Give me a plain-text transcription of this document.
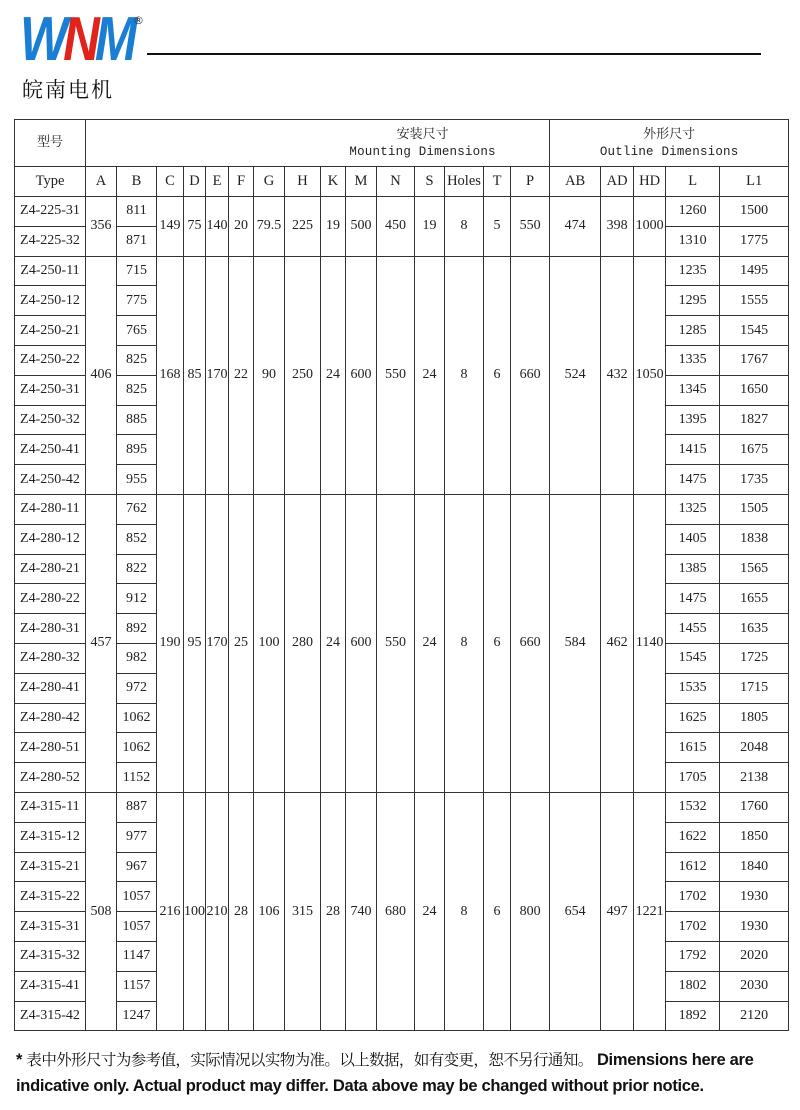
W N M ®
皖南电机
型号	安装尺寸
Mounting Dimensions															外形尺寸
Outline Dimensions				

Type	A	B	C	D	E	F	G	H	K	M	N	S	Holes	T	P	AB	AD	HD	L	L1
Z4-225-31	356	811	149	75	140	20	79.5	225	19	500	450	19	8	5	550	474	398	1000	1260	1500
Z4-225-32		871																	1310	1775
Z4-250-11	406	715	168	85	170	22	90	250	24	600	550	24	8	6	660	524	432	1050	1235	1495
Z4-250-12		775																	1295	1555
Z4-250-21		765																	1285	1545
Z4-250-22		825																	1335	1767
Z4-250-31		825																	1345	1650
Z4-250-32		885																	1395	1827
Z4-250-41		895																	1415	1675
Z4-250-42		955																	1475	1735
Z4-280-11	457	762	190	95	170	25	100	280	24	600	550	24	8	6	660	584	462	1140	1325	1505
Z4-280-12		852																	1405	1838
Z4-280-21		822																	1385	1565
Z4-280-22		912																	1475	1655
Z4-280-31		892																	1455	1635
Z4-280-32		982																	1545	1725
Z4-280-41		972																	1535	1715
Z4-280-42		1062																	1625	1805
Z4-280-51		1062																	1615	2048
Z4-280-52		1152																	1705	2138
Z4-315-11	508	887	216	100	210	28	106	315	28	740	680	24	8	6	800	654	497	1221	1532	1760
Z4-315-12		977																	1622	1850
Z4-315-21		967																	1612	1840
Z4-315-22		1057																	1702	1930
Z4-315-31		1057																	1702	1930
Z4-315-32		1147																	1792	2020
Z4-315-41		1157																	1802	2030
Z4-315-42		1247																	1892	2120
* 表中外形尺寸为参考值，实际情况以实物为准。以上数据，如有变更，恕不另行通知。 Dimensions here are indicative only. Actual product may differ. Data above may be changed without prior notice.
